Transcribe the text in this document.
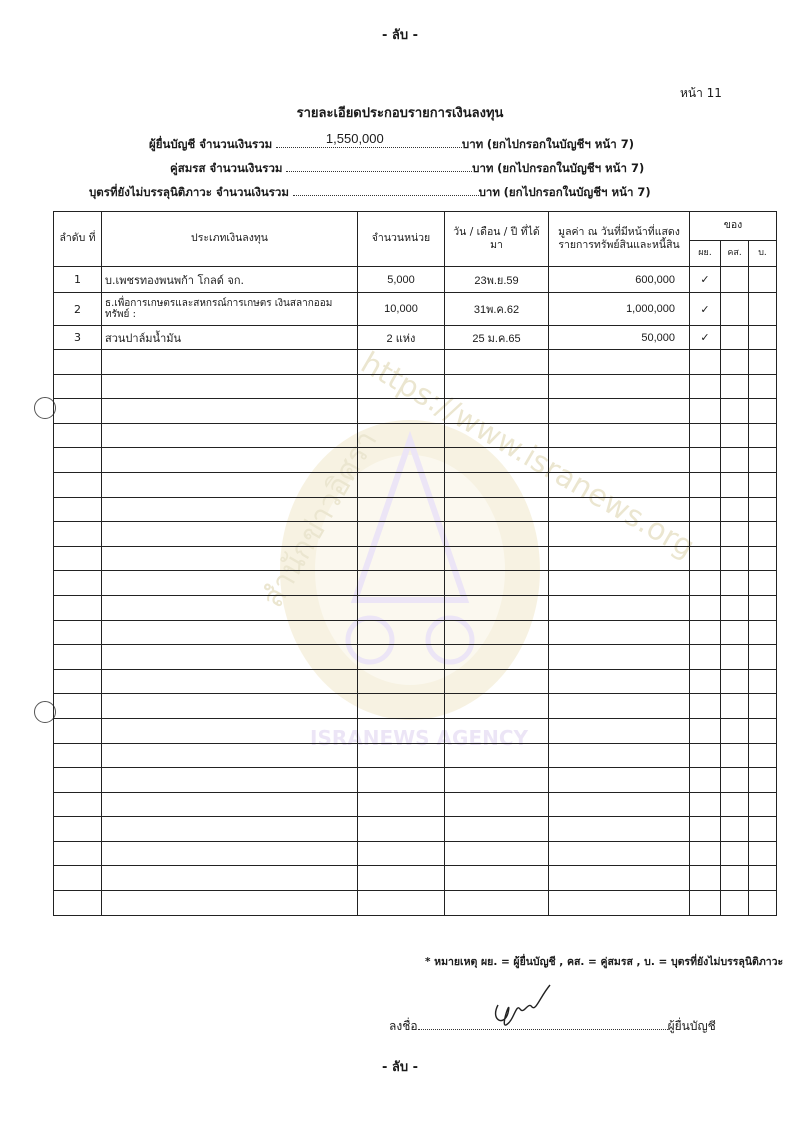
สำนักข่าวอิศรา
https://www.isranews.org
ISRANEWS AGENCY
- ลับ -
หน้า 11
รายละเอียดประกอบรายการเงินลงทุน
ผู้ยื่นบัญชี จำนวนเงินรวม	1,550,000	บาท (ยกไปกรอกในบัญชีฯ หน้า 7)
คู่สมรส จำนวนเงินรวม	บาท (ยกไปกรอกในบัญชีฯ หน้า 7)
บุตรที่ยังไม่บรรลุนิติภาวะ จำนวนเงินรวม	บาท (ยกไปกรอกในบัญชีฯ หน้า 7)
ลำดับ ที่	ประเภทเงินลงทุน	จำนวนหน่วย	วัน / เดือน / ปี ที่ได้มา	มูลค่า ณ วันที่มีหน้าที่แสดง รายการทรัพย์สินและหนี้สิน	ของ		
					ผย.	คส.	บ.
1	บ.เพชรทองพนพก้า โกลด์ จก.	5,000	23พ.ย.59	600,000	✓		
2	ธ.เพื่อการเกษตรและสหกรณ์การเกษตร เงินสลากออมทรัพย์ :	10,000	31พ.ค.62	1,000,000	✓		
3	สวนปาล์มน้ำมัน	2 แห่ง	25 ม.ค.65	50,000	✓		

* หมายเหตุ ผย. = ผู้ยื่นบัญชี , คส. = คู่สมรส , บ. = บุตรที่ยังไม่บรรลุนิติภาวะ
ลงชื่อ	ผู้ยื่นบัญชี
- ลับ -
